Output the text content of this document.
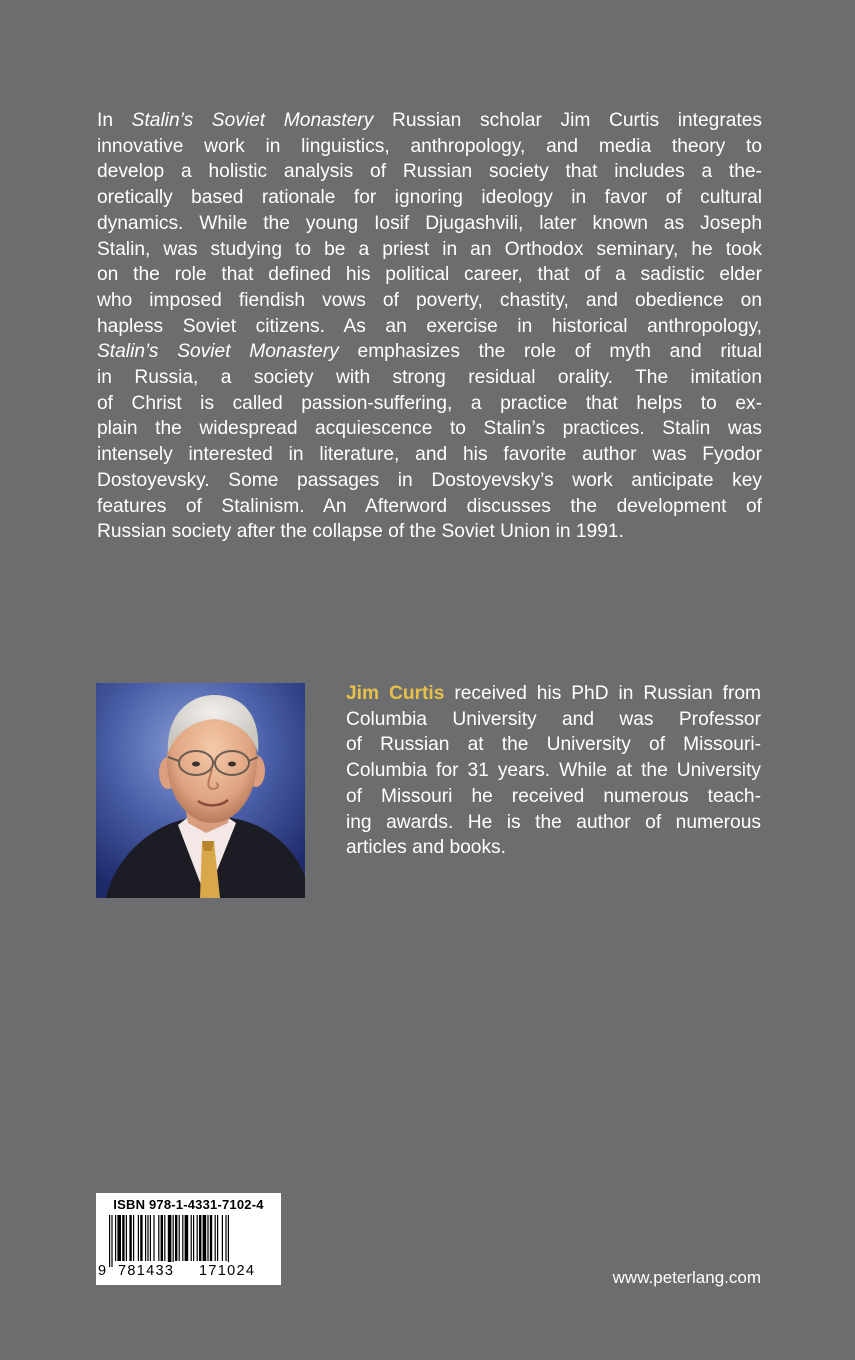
In Stalin’s Soviet Monastery Russian scholar Jim Curtis integrates
innovative work in linguistics, anthropology, and media theory to
develop a holistic analysis of Russian society that includes a the-
oretically based rationale for ignoring ideology in favor of cultural
dynamics. While the young Iosif Djugashvili, later known as Joseph
Stalin, was studying to be a priest in an Orthodox seminary, he took
on the role that defined his political career, that of a sadistic elder
who imposed fiendish vows of poverty, chastity, and obedience on
hapless Soviet citizens. As an exercise in historical anthropology,
Stalin’s Soviet Monastery emphasizes the role of myth and ritual
in Russia, a society with strong residual orality. The imitation
of Christ is called passion-suffering, a practice that helps to ex-
plain the widespread acquiescence to Stalin’s practices. Stalin was
intensely interested in literature, and his favorite author was Fyodor
Dostoyevsky. Some passages in Dostoyevsky’s work anticipate key
features of Stalinism. An Afterword discusses the development of
Russian society after the collapse of the Soviet Union in 1991.
Jim Curtis received his PhD in Russian from
Columbia University and was Professor
of Russian at the University of Missouri-
Columbia for 31 years. While at the University
of Missouri he received numerous teach-
ing awards. He is the author of numerous
articles and books.
ISBN 978-1-4331-7102-4
9 781433 171024	www.peterlang.com
